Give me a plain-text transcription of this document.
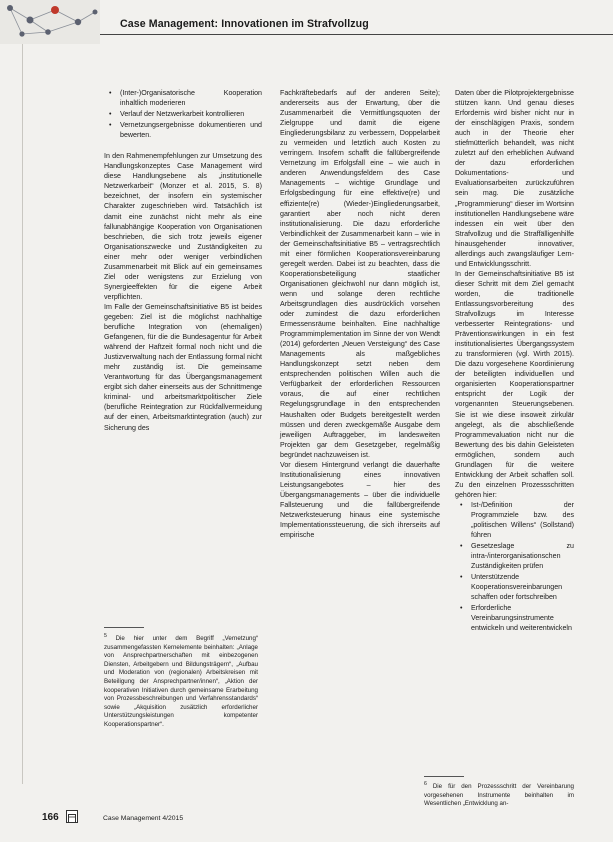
Case Management: Innovationen im Strafvollzug
• (Inter-)Organisatorische Kooperation inhaltlich moderieren
• Verlauf der Netzwerkarbeit kontrollieren
• Vernetzungsergebnisse dokumentieren und bewerten.

In den Rahmenempfehlungen zur Umsetzung des Handlungskonzeptes Case Management wird diese Handlungsebene als „institutionelle Netzwerkarbeit“ (Monzer et al. 2015, S. 8) bezeichnet, der insofern ein systemischer Charakter zugeschrieben wird. Tatsächlich ist damit eine zunächst nicht mehr als eine fallunabhängige Kooperation von Organisationen beschrieben, die sich trotz jeweils eigener Organisationszwecke und Zuständigkeiten zu einer mehr oder weniger verbindlichen Zusammenarbeit mit Blick auf ein gemeinsames Ziel oder wenigstens zur Erzielung von Synergieeffekten für die eigene Arbeit verpflichten.

Im Falle der Gemeinschaftsinitiative B5 ist beides gegeben: Ziel ist die möglichst nachhaltige berufliche Integration von (ehemaligen) Gefangenen, für die die Bundesagentur für Arbeit während der Haftzeit formal noch nicht und die Justizverwaltung nach der Entlassung formal nicht mehr zuständig ist. Die gemeinsame Verantwortung für das Übergangsmanagement ergibt sich daher einerseits aus der Schnittmenge kriminal- und arbeitsmarktpolitischer Ziele (berufliche Reintegration zur Rückfallvermeidung auf der einen, Arbeitsmarktintegration (auch) zur Sicherung des

Fachkräftebedarfs auf der anderen Seite); andererseits aus der Erwartung, über die Zusammenarbeit die Vermittlungsquoten der Zielgruppe und damit die eigene Eingliederungsbilanz zu verbessern, Doppelarbeit zu vermeiden und letztlich auch Kosten zu verringern. Insofern schafft die fallübergreifende Vernetzung im Erfolgsfall eine – wie auch in anderen Anwendungsfeldern des Case Managements – wichtige Grundlage und Erfolgsbedingung für eine effektive(re) und effiziente(re) (Wieder-)Eingliederungsarbeit, garantiert aber noch nicht deren institutionalisierung. Die dazu erforderliche Verbindlichkeit der Zusammenarbeit kann – wie in der Gemeinschaftsinitiative B5 – vertragsrechtlich mit einer förmlichen Kooperationsvereinbarung geregelt werden. Dabei ist zu beachten, dass die Kooperationsbeteiligung staatlicher Organisationen gleichwohl nur dann möglich ist, wenn und solange deren rechtliche Arbeitsgrundlagen dies ausdrücklich vorsehen oder zumindest die dazu erforderlichen Ermessensräume beinhalten. Eine nachhaltige Programmimplementation im Sinne der von Wendt (2014) geforderten „Neuen Versteigung“ des Case Managements als maßgebliches Handlungskonzept setzt neben dem entsprechenden politischen Willen auch die Verfügbarkeit der erforderlichen Ressourcen voraus, die auf einer rechtlichen Regelungsgrundlage in den entsprechenden Haushalten oder Budgets bereitgestellt werden müssen und deren zweckgemäße Ausgabe dem jeweiligen Auftraggeber, im landesweiten Projekten gar dem Gesetzgeber, regelmäßig begründet nachzuweisen ist.

Vor diesem Hintergrund verlangt die dauerhafte Institutionalisierung eines innovativen Leistungsangebotes – hier des Übergangsmanagements – über die individuelle Fallsteuerung und die fallübergreifende Netzwerksteuerung hinaus eine systemische Implementationssteuerung, die sich ihrerseits auf empirische

Daten über die Pilotprojektergebnisse stützen kann. Und genau dieses Erfordernis wird bisher nicht nur in der einschlägigen Praxis, sondern auch in der Theorie eher stiefmütterlich behandelt, was nicht zuletzt auf den erheblichen Aufwand der dazu erforderlichen Dokumentations- und Evaluationsarbeiten zurückzuführen sein mag. Die zusätzliche „Programmierung“ dieser im Wortsinn institutionellen Handlungsebene wäre indessen ein weit über den Strafvollzug und die Straffälligenhilfe hinausgehender innovativer, allerdings auch zwangsläufiger Lern- und Entwicklungsschritt.

In der Gemeinschaftsinitiative B5 ist dieser Schritt mit dem Ziel gemacht worden, die traditionelle Entlassungsvorbereitung des Strafvollzugs im Interesse verbesserter Reintegrations- und Präventionswirkungen in ein fest institutionalisiertes Übergangssystem zu transformieren (vgl. Wirth 2015). Die dazu vorgesehene Koordinierung der beteiligten individuellen und organisierten Kooperationspartner entspricht der Logik der vorgenannten Steuerungsebenen. Sie ist wie diese insoweit zirkulär angelegt, als die abschließende Programmevaluation nicht nur die Bewertung des bis dahin Geleisteten ermöglichen, sondern auch Grundlagen für die weitere Entwicklung der Arbeit schaffen soll. Zu den einzelnen Prozessschritten gehören hier:

• Ist-/Definition der Programmziele bzw. des „politischen Willens“ (Sollstand) führen
• Gesetzeslage zu intra-/interorganisationschen Zuständigkeiten prüfen
• Unterstützende Kooperationsvereinbarungen schaffen oder fortschreiben
• Erforderliche Vereinbarungsinstrumente entwickeln und weiterentwickeln
$^5$ Die hier unter dem Begriff „Vernetzung“ zusammengefassten Kernelemente beinhalten: „Anlage von Ansprechpartnerschaften mit einbezogenen Diensten, Arbeitgebern und Bildungsträgern“, „Aufbau und Moderation von (regionalen) Arbeitskreisen mit Beteiligung der Ansprechpartner/innen“, „Aktion der kooperativen Initiativen durch gemeinsame Erarbeitung von Prozessbeschreibungen und Verfahrensstandards“ sowie „Akquisition zusätzlich erforderlicher Unterstützungsleistungen kompetenter Kooperationspartner“.
$^6$ Die für den Prozessschritt der Vereinbarung vorgesehenen Instrumente beinhalten im Wesentlichen „Entwicklung an-
166	Case Management 4/2015
